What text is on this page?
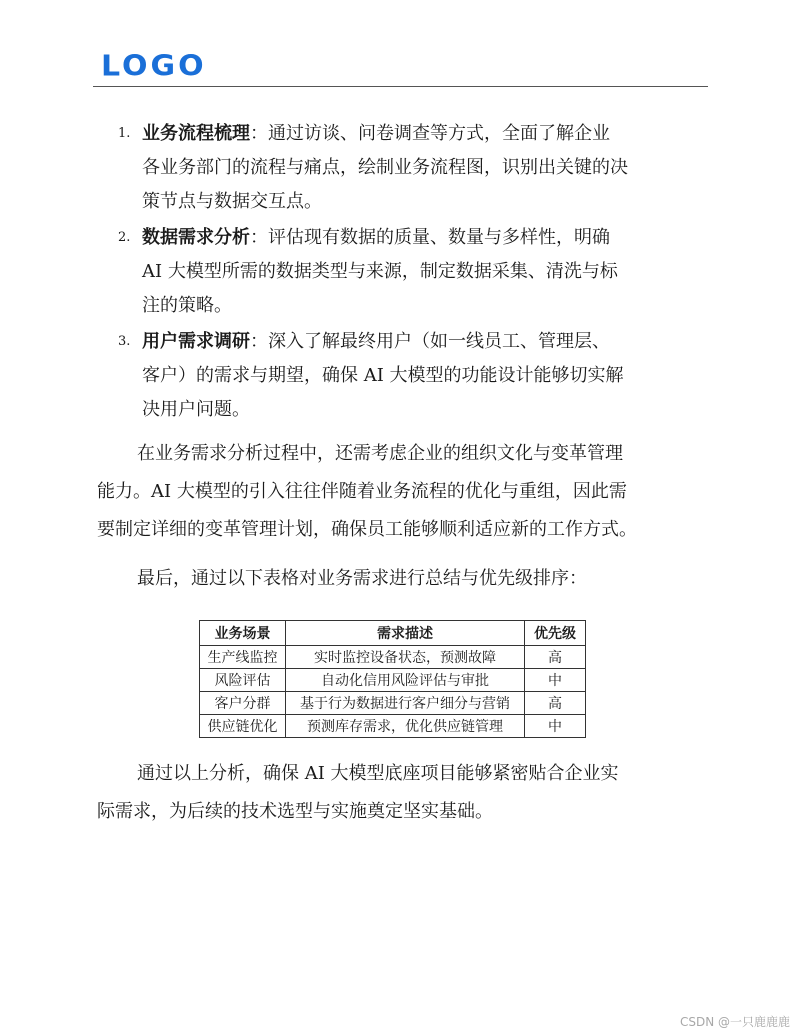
LOGO
1. 业务流程梳理：通过访谈、问卷调查等方式，全面了解企业
各业务部门的流程与痛点，绘制业务流程图，识别出关键的决
策节点与数据交互点。
2. 数据需求分析：评估现有数据的质量、数量与多样性，明确
AI 大模型所需的数据类型与来源，制定数据采集、清洗与标
注的策略。
3. 用户需求调研：深入了解最终用户（如一线员工、管理层、
客户）的需求与期望，确保 AI 大模型的功能设计能够切实解
决用户问题。

在业务需求分析过程中，还需考虑企业的组织文化与变革管理
能力。AI 大模型的引入往往伴随着业务流程的优化与重组，因此需
要制定详细的变革管理计划，确保员工能够顺利适应新的工作方式。

最后，通过以下表格对业务需求进行总结与优先级排序：

业务场景	需求描述	优先级
生产线监控	实时监控设备状态，预测故障	高
风险评估	自动化信用风险评估与审批	中
客户分群	基于行为数据进行客户细分与营销	高
供应链优化	预测库存需求，优化供应链管理	中

通过以上分析，确保 AI 大模型底座项目能够紧密贴合企业实
际需求，为后续的技术选型与实施奠定坚实基础。

CSDN @一只鹿鹿鹿
